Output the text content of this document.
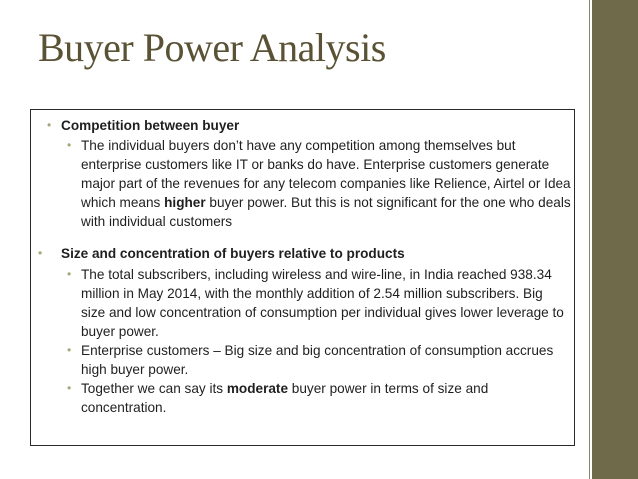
Buyer Power Analysis
• Competition between buyer
• The individual buyers don’t have any competition among themselves but enterprise customers like IT or banks do have. Enterprise customers generate major part of the revenues for any telecom companies like Relience, Airtel or Idea which means higher buyer power. But this is not significant for the one who deals with individual customers
• Size and concentration of buyers relative to products
• The total subscribers, including wireless and wire-line, in India reached 938.34 million in May 2014, with the monthly addition of 2.54 million subscribers. Big size and low concentration of consumption per individual gives lower leverage to buyer power.
• Enterprise customers – Big size and big concentration of consumption accrues high buyer power.
• Together we can say its moderate buyer power in terms of size and concentration.
